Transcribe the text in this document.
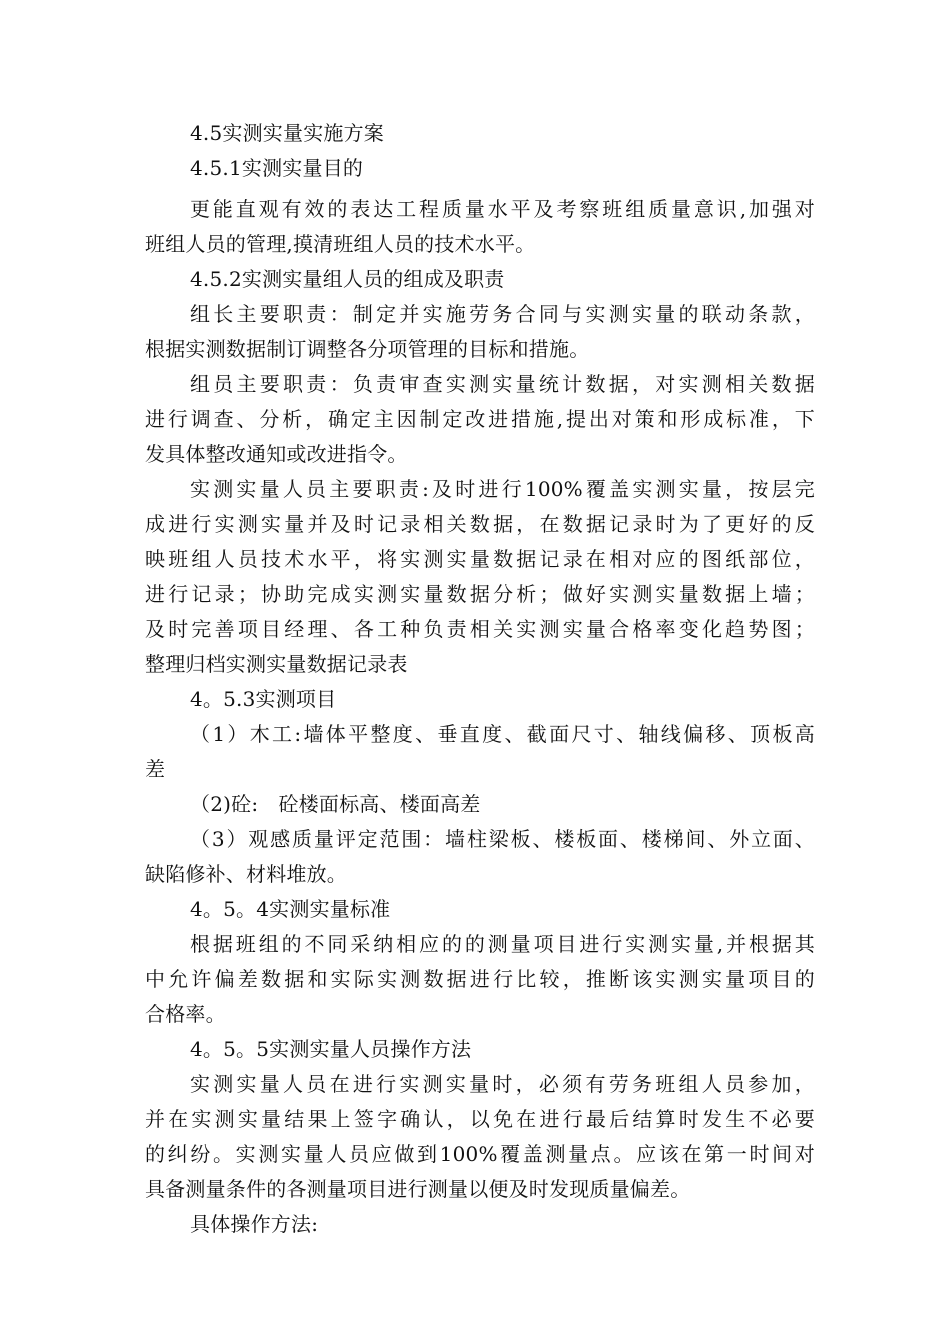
4.5实测实量实施方案
4.5.1实测实量目的
更能直观有效的表达工程质量水平及考察班组质量意识,加强对
班组人员的管理,摸清班组人员的技术水平。
4.5.2实测实量组人员的组成及职责
组长主要职责：制定并实施劳务合同与实测实量的联动条款，
根据实测数据制订调整各分项管理的目标和措施。
组员主要职责：负责审查实测实量统计数据，对实测相关数据
进行调查、分析，确定主因制定改进措施,提出对策和形成标准，下
发具体整改通知或改进指令。
实测实量人员主要职责:及时进行100%覆盖实测实量，按层完
成进行实测实量并及时记录相关数据，在数据记录时为了更好的反
映班组人员技术水平，将实测实量数据记录在相对应的图纸部位，
进行记录；协助完成实测实量数据分析；做好实测实量数据上墙；
及时完善项目经理、各工种负责相关实测实量合格率变化趋势图；
整理归档实测实量数据记录表
4。5.3实测项目
（1）木工:墙体平整度、垂直度、截面尺寸、轴线偏移、顶板高
差
（2)砼:　砼楼面标高、楼面高差
（3）观感质量评定范围：墙柱梁板、楼板面、楼梯间、外立面、
缺陷修补、材料堆放。
4。5。4实测实量标准
根据班组的不同采纳相应的的测量项目进行实测实量,并根据其
中允许偏差数据和实际实测数据进行比较，推断该实测实量项目的
合格率。
4。5。5实测实量人员操作方法
实测实量人员在进行实测实量时，必须有劳务班组人员参加，
并在实测实量结果上签字确认，以免在进行最后结算时发生不必要
的纠纷。实测实量人员应做到100%覆盖测量点。应该在第一时间对
具备测量条件的各测量项目进行测量以便及时发现质量偏差。
具体操作方法:
